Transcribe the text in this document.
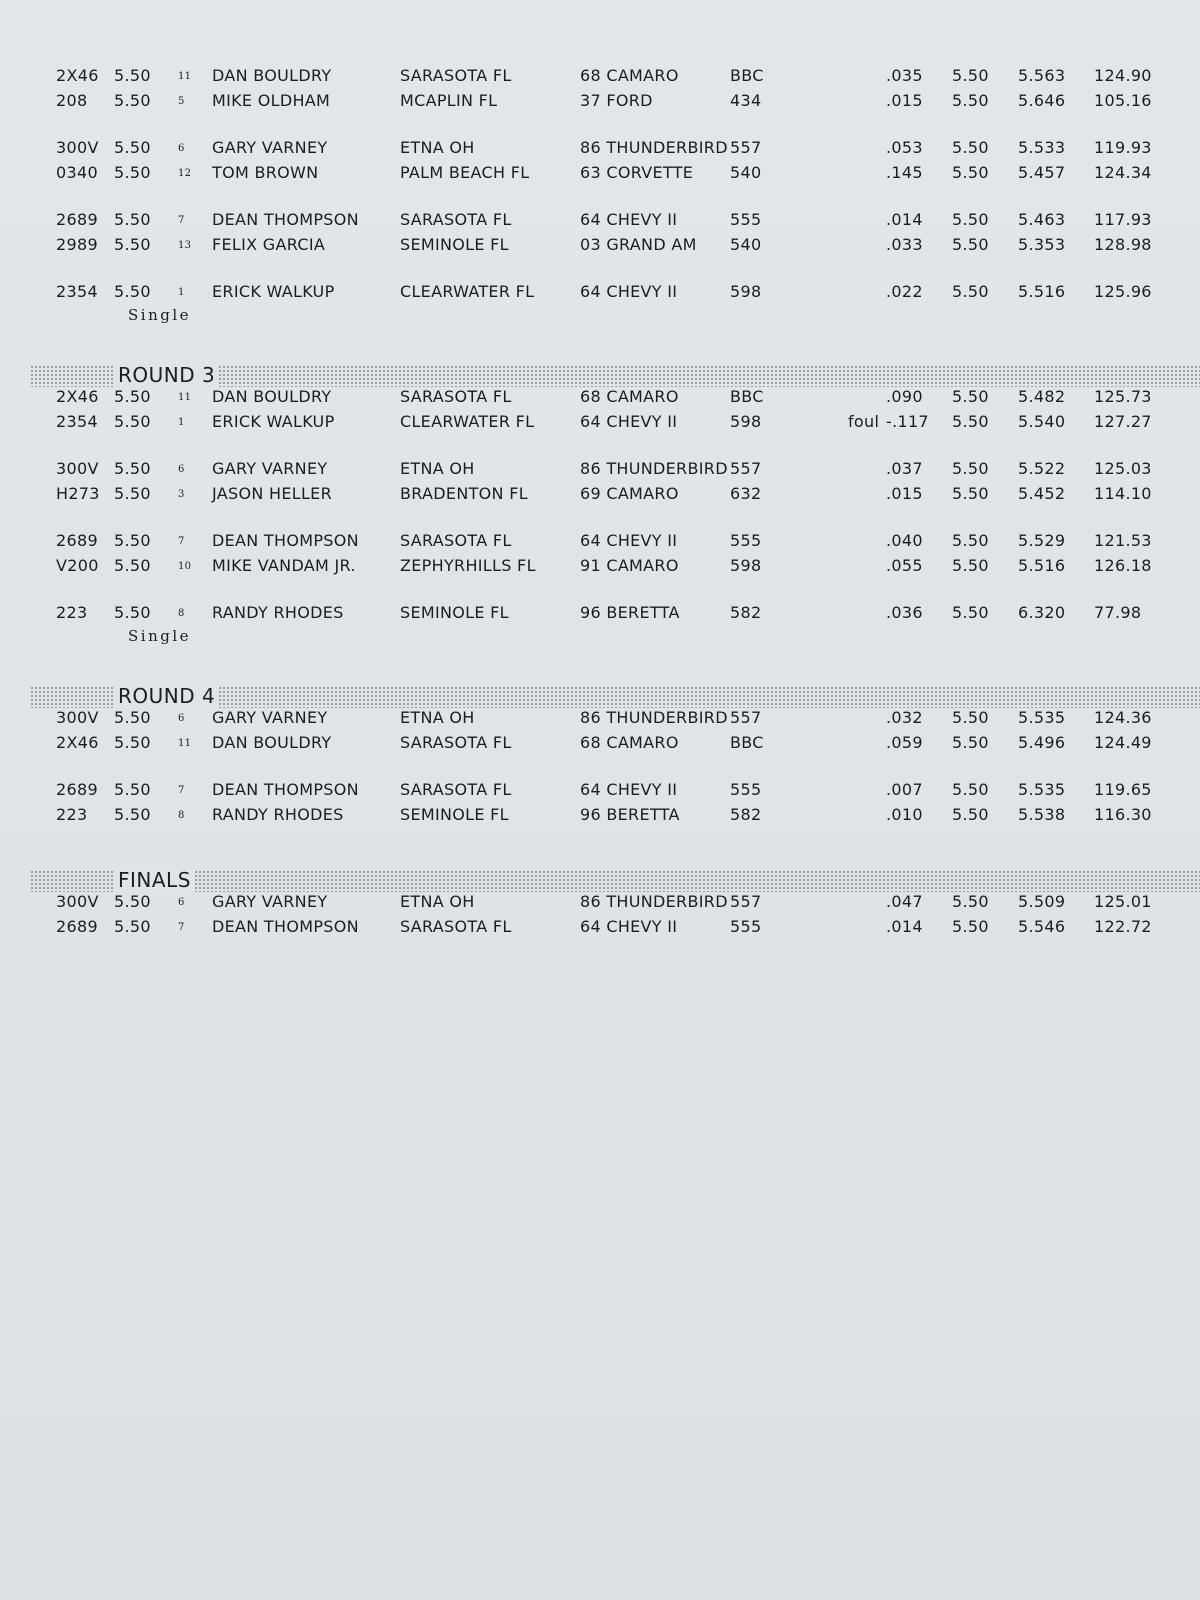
2X46 5.50	11 DAN BOULDRY	SARASOTA FL	68 CAMARO	BBC	.035 5.50 5.563 124.90
208 5.50	5 MIKE OLDHAM	MCAPLIN FL	37 FORD	434	.015 5.50 5.646 105.16
300V 5.50	6 GARY VARNEY	ETNA OH	86 THUNDERBIRD 557	.053 5.50 5.533 119.93
0340 5.50	12 TOM BROWN	PALM BEACH FL	63 CORVETTE 540	.145 5.50 5.457 124.34
2689 5.50	7 DEAN THOMPSON	SARASOTA FL	64 CHEVY II	555	.014 5.50 5.463 117.93
2989 5.50	13 FELIX GARCIA	SEMINOLE FL	03 GRAND AM 540	.033 5.50 5.353 128.98
2354 5.50	1 ERICK WALKUP	CLEARWATER FL	64 CHEVY II	598	.022 5.50 5.516 125.96
Single
ROUND 3
2X46 5.50	11 DAN BOULDRY	SARASOTA FL	68 CAMARO	BBC	.090 5.50 5.482 125.73
2354 5.50	1 ERICK WALKUP	CLEARWATER FL	64 CHEVY II	598	foul -.117 5.50 5.540 127.27
300V 5.50	6 GARY VARNEY	ETNA OH	86 THUNDERBIRD 557	.037 5.50 5.522 125.03
H273 5.50	3 JASON HELLER	BRADENTON FL	69 CAMARO	632	.015 5.50 5.452 114.10
2689 5.50	7 DEAN THOMPSON	SARASOTA FL	64 CHEVY II	555	.040 5.50 5.529 121.53
V200 5.50	10 MIKE VANDAM JR.	ZEPHYRHILLS FL	91 CAMARO	598	.055 5.50 5.516 126.18
223 5.50	8 RANDY RHODES	SEMINOLE FL	96 BERETTA	582	.036 5.50 6.320 77.98
Single
ROUND 4
300V 5.50	6 GARY VARNEY	ETNA OH	86 THUNDERBIRD 557	.032 5.50 5.535 124.36
2X46 5.50	11 DAN BOULDRY	SARASOTA FL	68 CAMARO	BBC	.059 5.50 5.496 124.49
2689 5.50	7 DEAN THOMPSON	SARASOTA FL	64 CHEVY II	555	.007 5.50 5.535 119.65
223 5.50	8 RANDY RHODES	SEMINOLE FL	96 BERETTA	582	.010 5.50 5.538 116.30
FINALS
300V 5.50	6 GARY VARNEY	ETNA OH	86 THUNDERBIRD 557	.047 5.50 5.509 125.01
2689 5.50	7 DEAN THOMPSON	SARASOTA FL	64 CHEVY II	555	.014 5.50 5.546 122.72
